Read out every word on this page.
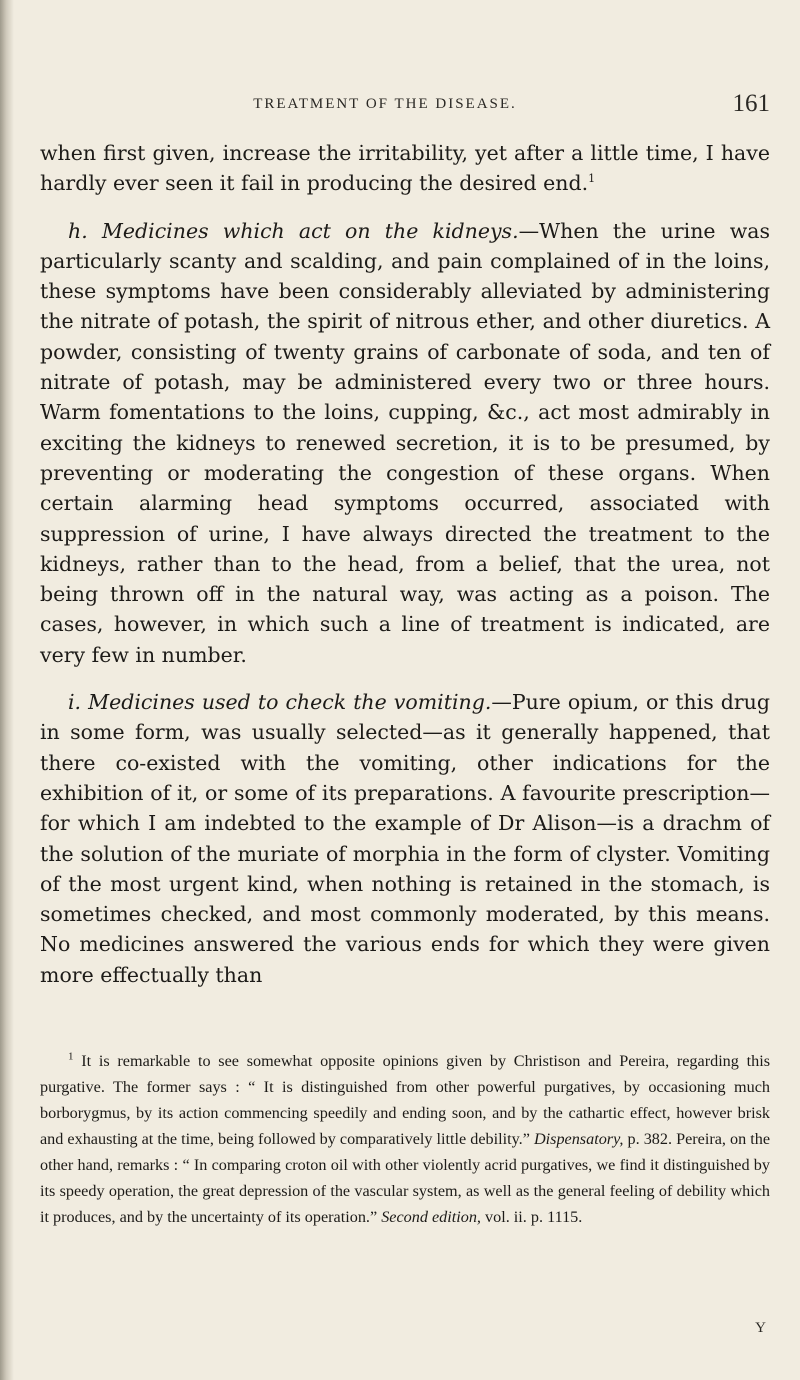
TREATMENT OF THE DISEASE.	161

when first given, increase the irritability, yet after a little time, I have hardly ever seen it fail in producing the desired end.$^1$

h. Medicines which act on the kidneys.—When the urine was particularly scanty and scalding, and pain complained of in the loins, these symptoms have been considerably alleviated by administering the nitrate of potash, the spirit of nitrous ether, and other diuretics. A powder, consisting of twenty grains of carbonate of soda, and ten of nitrate of potash, may be administered every two or three hours. Warm fomentations to the loins, cupping, &c., act most admirably in exciting the kidneys to renewed secretion, it is to be presumed, by preventing or moderating the congestion of these organs. When certain alarming head symptoms occurred, associated with suppression of urine, I have always directed the treatment to the kidneys, rather than to the head, from a belief, that the urea, not being thrown off in the natural way, was acting as a poison. The cases, however, in which such a line of treatment is indicated, are very few in number.

i. Medicines used to check the vomiting.—Pure opium, or this drug in some form, was usually selected—as it generally happened, that there co-existed with the vomiting, other indications for the exhibition of it, or some of its preparations. A favourite prescription—for which I am indebted to the example of Dr Alison—is a drachm of the solution of the muriate of morphia in the form of clyster. Vomiting of the most urgent kind, when nothing is retained in the stomach, is sometimes checked, and most commonly moderated, by this means. No medicines answered the various ends for which they were given more effectually than

$^1$ It is remarkable to see somewhat opposite opinions given by Christison and Pereira, regarding this purgative. The former says : “ It is distinguished from other powerful purgatives, by occasioning much borborygmus, by its action commencing speedily and ending soon, and by the cathartic effect, however brisk and exhausting at the time, being followed by comparatively little debility.” Dispensatory, p. 382. Pereira, on the other hand, remarks : “ In comparing croton oil with other violently acrid purgatives, we find it distinguished by its speedy operation, the great depression of the vascular system, as well as the general feeling of debility which it produces, and by the uncertainty of its operation.” Second edition, vol. ii. p. 1115.

Y
